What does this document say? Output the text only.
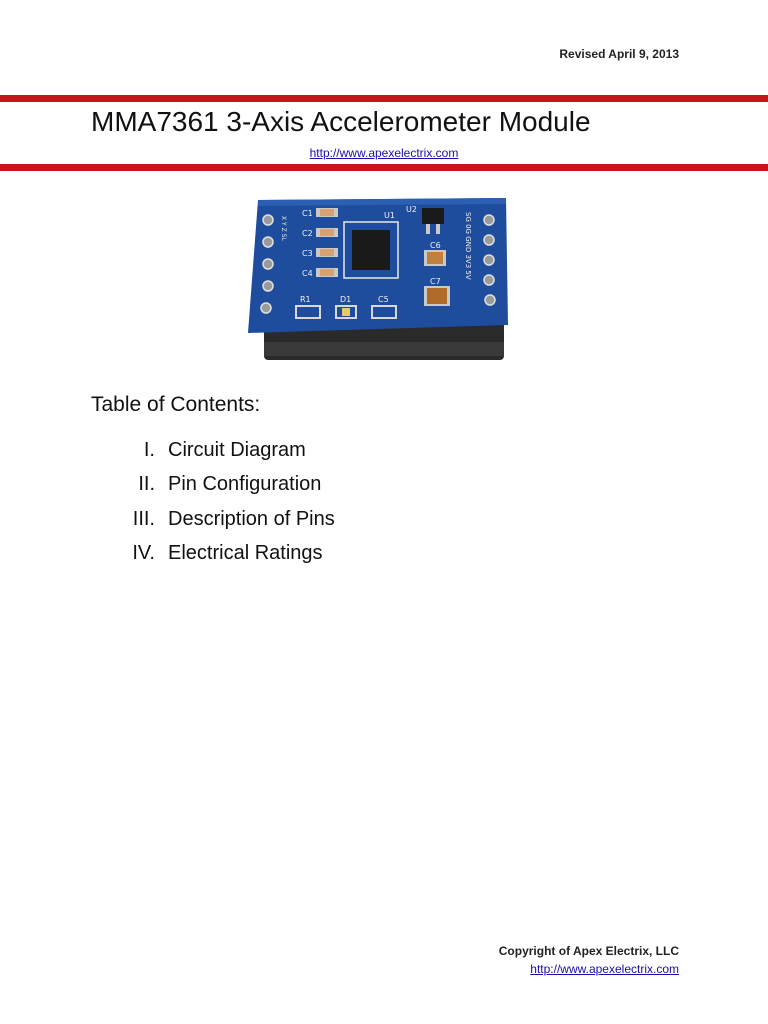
Revised April 9, 2013
MMA7361 3-Axis Accelerometer Module
http://www.apexelectrix.com
C1
C2
C3
C4
U1
U2
C6
C7
R1	D1	C5
SG 0G GND 3V3 5V
X Y Z SL
Table of Contents:
I. Circuit Diagram
II. Pin Configuration
III. Description of Pins
IV. Electrical Ratings
Copyright of Apex Electrix, LLC
http://www.apexelectrix.com
